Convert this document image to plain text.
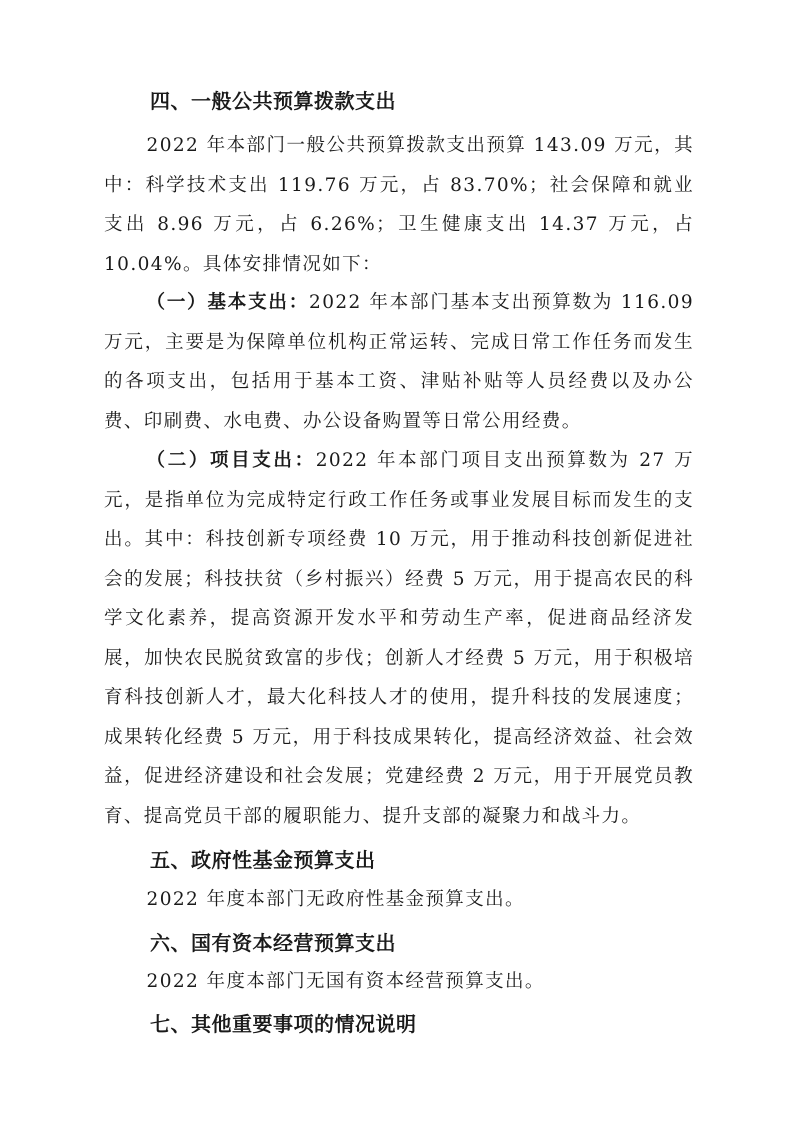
四、一般公共预算拨款支出

2022 年本部门一般公共预算拨款支出预算 143.09 万元，其中：科学技术支出 119.76 万元，占 83.70%；社会保障和就业支出 8.96 万元，占 6.26%；卫生健康支出 14.37 万元，占 10.04%。具体安排情况如下：

（一）基本支出：2022 年本部门基本支出预算数为 116.09 万元，主要是为保障单位机构正常运转、完成日常工作任务而发生的各项支出，包括用于基本工资、津贴补贴等人员经费以及办公费、印刷费、水电费、办公设备购置等日常公用经费。

（二）项目支出：2022 年本部门项目支出预算数为 27 万元，是指单位为完成特定行政工作任务或事业发展目标而发生的支出。其中：科技创新专项经费 10 万元，用于推动科技创新促进社会的发展；科技扶贫（乡村振兴）经费 5 万元，用于提高农民的科学文化素养，提高资源开发水平和劳动生产率，促进商品经济发展，加快农民脱贫致富的步伐；创新人才经费 5 万元，用于积极培育科技创新人才，最大化科技人才的使用，提升科技的发展速度；成果转化经费 5 万元，用于科技成果转化，提高经济效益、社会效益，促进经济建设和社会发展；党建经费 2 万元，用于开展党员教育、提高党员干部的履职能力、提升支部的凝聚力和战斗力。

五、政府性基金预算支出

2022 年度本部门无政府性基金预算支出。

六、国有资本经营预算支出

2022 年度本部门无国有资本经营预算支出。

七、其他重要事项的情况说明
